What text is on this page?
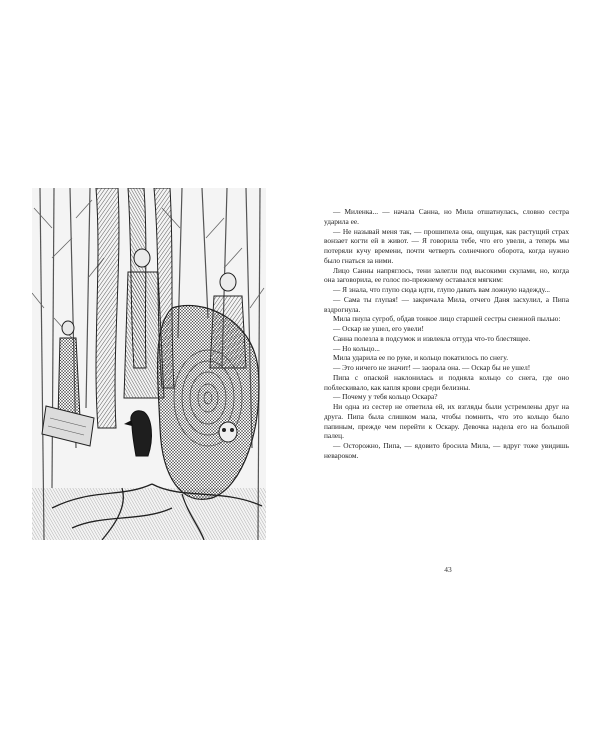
— Миленка... — начала Санна, но Мила отшатнулась, словно сестра ударила ее.

— Не называй меня так, — прошипела она, ощущая, как растущий страх вонзает когти ей в живот. — Я говорила тебе, что его увели, а теперь мы потеряли кучу времени, почти четверть солнечного оборота, когда нужно было гнаться за ними.

Лицо Санны напряглось, тени залегли под высокими скулами, но, когда она заговорила, ее голос по-прежнему оставался мягким:

— Я знала, что глупо сюда идти, глупо давать вам ложную надежду...

— Сама ты глупая! — закричала Мила, отчего Даня засхулил, а Пипа вздрогнула.

Мила пнула сугроб, обдав тонкое лицо старшей сестры снежной пылью:

— Оскар не ушел, его увели!

Санна полезла в подсумок и извлекла оттуда что-то блестящее.

— Но кольцо...

Мила ударила ее по руке, и кольцо покатилось по снегу.

— Это ничего не значит! — заорала она. — Оскар бы не ушел!

Пипа с опаской наклонилась и подняла кольцо со снега, где оно поблескивало, как капля крови среди белизны.

— Почему у тебя кольцо Оскара?

Ни одна из сестер не ответила ей, их взгляды были устремлены друг на друга. Пипа была слишком мала, чтобы помнить, что это кольцо было папиным, прежде чем перейти к Оскару. Девочка надела его на большой палец.

— Осторожно, Пипа, — ядовито бросила Мила, — вдруг тоже увидишь невароком.

43
